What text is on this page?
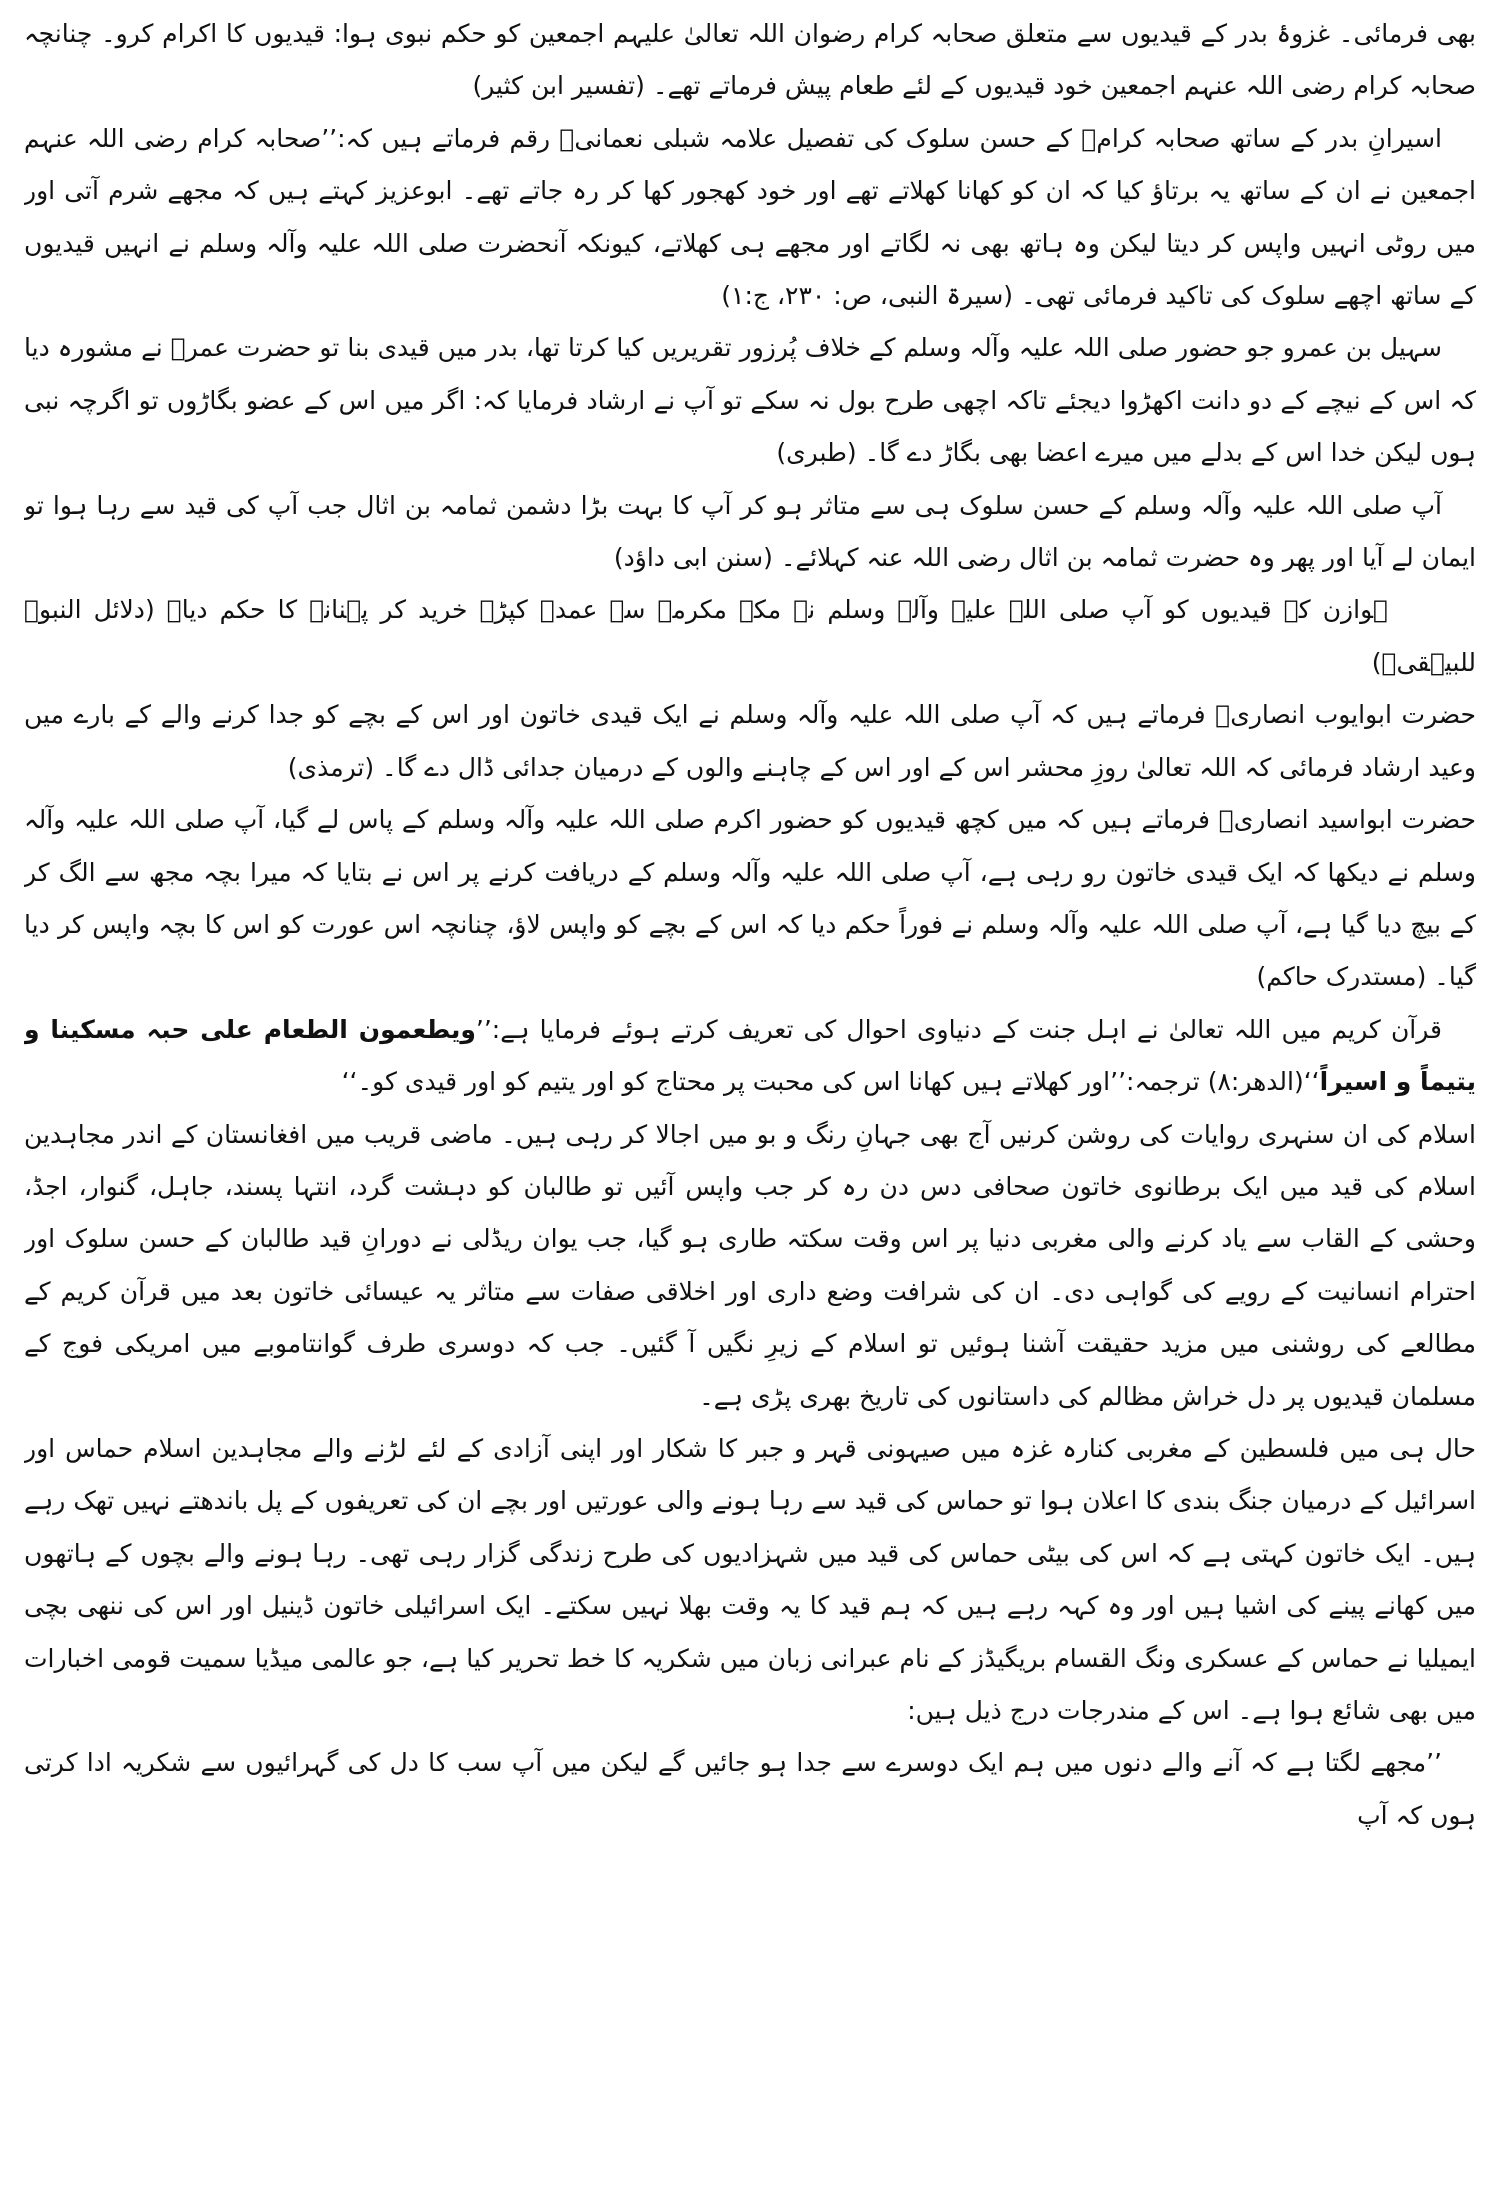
بھی فرمائی۔ غزوۂ بدر کے قیدیوں سے متعلق صحابہ کرام رضوان اللہ تعالیٰ علیہم اجمعین کو حکم نبوی ہوا: قیدیوں کا اکرام کرو۔ چنانچہ صحابہ کرام رضی اللہ عنہم اجمعین خود قیدیوں کے لئے طعام پیش فرماتے تھے۔ (تفسیر ابن کثیر)

اسیرانِ بدر کے ساتھ صحابہ کرامؓ کے حسن سلوک کی تفصیل علامہ شبلی نعمانیؒ رقم فرماتے ہیں کہ:’’صحابہ کرام رضی اللہ عنہم اجمعین نے ان کے ساتھ یہ برتاؤ کیا کہ ان کو کھانا کھلاتے تھے اور خود کھجور کھا کر رہ جاتے تھے۔ ابوعزیز کہتے ہیں کہ مجھے شرم آتی اور میں روٹی انہیں واپس کر دیتا لیکن وہ ہاتھ بھی نہ لگاتے اور مجھے ہی کھلاتے، کیونکہ آنحضرت صلی اللہ علیہ وآلہ وسلم نے انہیں قیدیوں کے ساتھ اچھے سلوک کی تاکید فرمائی تھی۔ (سیرۃ النبی، ص: ۲۳۰، ج:۱)

سہیل بن عمرو جو حضور صلی اللہ علیہ وآلہ وسلم کے خلاف پُرزور تقریریں کیا کرتا تھا، بدر میں قیدی بنا تو حضرت عمرؓ نے مشورہ دیا کہ اس کے نیچے کے دو دانت اکھڑوا دیجئے تاکہ اچھی طرح بول نہ سکے تو آپ نے ارشاد فرمایا کہ: اگر میں اس کے عضو بگاڑوں تو اگرچہ نبی ہوں لیکن خدا اس کے بدلے میں میرے اعضا بھی بگاڑ دے گا۔ (طبری)

آپ صلی اللہ علیہ وآلہ وسلم کے حسن سلوک ہی سے متاثر ہو کر آپ کا بہت بڑا دشمن ثمامہ بن اثال جب آپ کی قید سے رہا ہوا تو ایمان لے آیا اور پھر وہ حضرت ثمامہ بن اثال رضی اللہ عنہ کہلائے۔ (سنن ابی داؤد)

ہوازن کے قیدیوں کو آپ صلی اللہ علیہ وآلہ وسلم نے مکہ مکرمہ سے عمدہ کپڑے خرید کر پہنانے کا حکم دیا۔ (دلائل النبوۃ للبیہقیؒ)

حضرت ابوایوب انصاریؓ فرماتے ہیں کہ آپ صلی اللہ علیہ وآلہ وسلم نے ایک قیدی خاتون اور اس کے بچے کو جدا کرنے والے کے بارے میں وعید ارشاد فرمائی کہ اللہ تعالیٰ روزِ محشر اس کے اور اس کے چاہنے والوں کے درمیان جدائی ڈال دے گا۔ (ترمذی)

حضرت ابواسید انصاریؓ فرماتے ہیں کہ میں کچھ قیدیوں کو حضور اکرم صلی اللہ علیہ وآلہ وسلم کے پاس لے گیا، آپ صلی اللہ علیہ وآلہ وسلم نے دیکھا کہ ایک قیدی خاتون رو رہی ہے، آپ صلی اللہ علیہ وآلہ وسلم کے دریافت کرنے پر اس نے بتایا کہ میرا بچہ مجھ سے الگ کر کے بیچ دیا گیا ہے، آپ صلی اللہ علیہ وآلہ وسلم نے فوراً حکم دیا کہ اس کے بچے کو واپس لاؤ، چنانچہ اس عورت کو اس کا بچہ واپس کر دیا گیا۔ (مستدرک حاکم)

قرآن کریم میں اللہ تعالیٰ نے اہل جنت کے دنیاوی احوال کی تعریف کرتے ہوئے فرمایا ہے:’’ویطعمون الطعام علی حبہ مسکینا و یتیماً و اسیراً‘‘(الدھر:۸) ترجمہ:’’اور کھلاتے ہیں کھانا اس کی محبت پر محتاج کو اور یتیم کو اور قیدی کو۔‘‘

اسلام کی ان سنہری روایات کی روشن کرنیں آج بھی جہانِ رنگ و بو میں اجالا کر رہی ہیں۔ ماضی قریب میں افغانستان کے اندر مجاہدین اسلام کی قید میں ایک برطانوی خاتون صحافی دس دن رہ کر جب واپس آئیں تو طالبان کو دہشت گرد، انتہا پسند، جاہل، گنوار، اجڈ، وحشی کے القاب سے یاد کرنے والی مغربی دنیا پر اس وقت سکتہ طاری ہو گیا، جب یوان ریڈلی نے دورانِ قید طالبان کے حسن سلوک اور احترام انسانیت کے رویے کی گواہی دی۔ ان کی شرافت وضع داری اور اخلاقی صفات سے متاثر یہ عیسائی خاتون بعد میں قرآن کریم کے مطالعے کی روشنی میں مزید حقیقت آشنا ہوئیں تو اسلام کے زیرِ نگیں آ گئیں۔ جب کہ دوسری طرف گوانتاموبے میں امریکی فوج کے مسلمان قیدیوں پر دل خراش مظالم کی داستانوں کی تاریخ بھری پڑی ہے۔

حال ہی میں فلسطین کے مغربی کنارہ غزہ میں صیہونی قہر و جبر کا شکار اور اپنی آزادی کے لئے لڑنے والے مجاہدین اسلام حماس اور اسرائیل کے درمیان جنگ بندی کا اعلان ہوا تو حماس کی قید سے رہا ہونے والی عورتیں اور بچے ان کی تعریفوں کے پل باندھتے نہیں تھک رہے ہیں۔ ایک خاتون کہتی ہے کہ اس کی بیٹی حماس کی قید میں شہزادیوں کی طرح زندگی گزار رہی تھی۔ رہا ہونے والے بچوں کے ہاتھوں میں کھانے پینے کی اشیا ہیں اور وہ کہہ رہے ہیں کہ ہم قید کا یہ وقت بھلا نہیں سکتے۔ ایک اسرائیلی خاتون ڈینیل اور اس کی ننھی بچی ایمیلیا نے حماس کے عسکری ونگ القسام بریگیڈز کے نام عبرانی زبان میں شکریہ کا خط تحریر کیا ہے، جو عالمی میڈیا سمیت قومی اخبارات میں بھی شائع ہوا ہے۔ اس کے مندرجات درج ذیل ہیں:

’’مجھے لگتا ہے کہ آنے والے دنوں میں ہم ایک دوسرے سے جدا ہو جائیں گے لیکن میں آپ سب کا دل کی گہرائیوں سے شکریہ ادا کرتی ہوں کہ آپ
